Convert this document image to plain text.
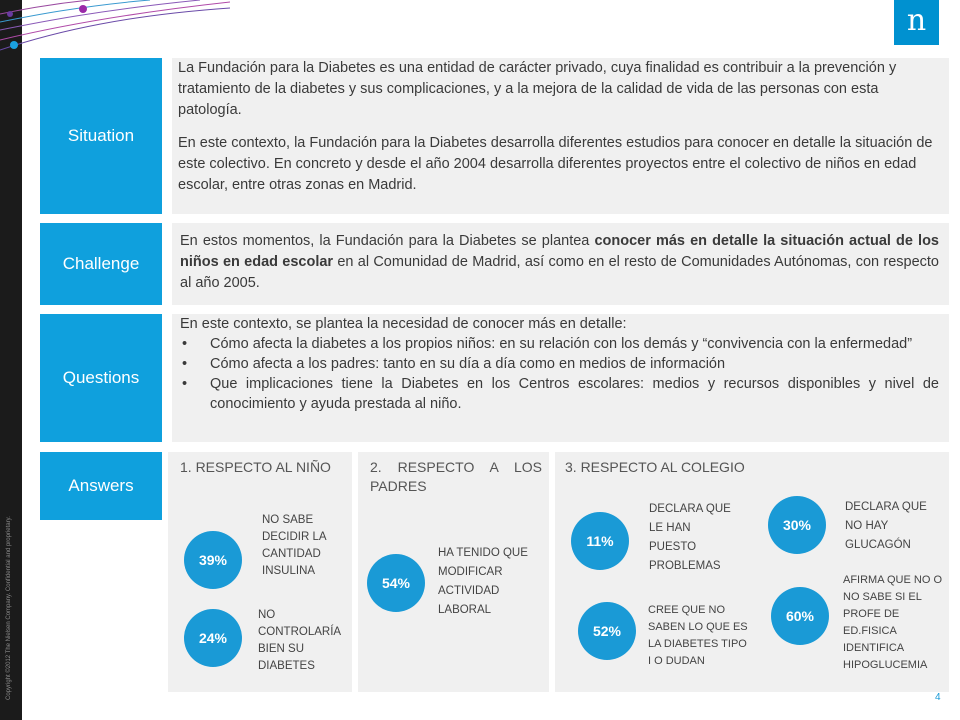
Copyright ©2012 The Nielsen Company. Confidential and proprietary.
n
Situation

La Fundación para la Diabetes es una entidad de carácter privado, cuya finalidad es contribuir a la prevención y tratamiento de la diabetes y sus complicaciones, y a la mejora de la calidad de vida de las personas con esta patología.

En este contexto, la Fundación para la Diabetes desarrolla diferentes estudios para conocer en detalle la situación de este colectivo. En concreto y desde el año 2004 desarrolla diferentes proyectos entre el colectivo de niños en edad escolar, entre otras zonas en Madrid.

Challenge

En estos momentos, la Fundación para la Diabetes se plantea conocer más en detalle la situación actual de los niños en edad escolar en al Comunidad de Madrid, así como en el resto de Comunidades Autónomas, con respecto al año 2005.

Questions

En este contexto, se plantea la necesidad de conocer más en detalle:

• Cómo afecta la diabetes a los propios niños: en su relación con los demás y “convivencia con la enfermedad”
• Cómo afecta a los padres: tanto en su día a día como en medios de información
• Que implicaciones tiene la Diabetes en los Centros escolares: medios y recursos disponibles y nivel de conocimiento y ayuda prestada al niño.
Answers
1. RESPECTO AL NIÑO
39%
NO SABE DECIDIR LA CANTIDAD INSULINA
24%
NO CONTROLARÍA BIEN SU DIABETES
2. RESPECTO A LOS PADRES
54%
HA TENIDO QUE MODIFICAR ACTIVIDAD LABORAL
3. RESPECTO AL COLEGIO
11%
DECLARA QUE LE HAN PUESTO PROBLEMAS
30%
DECLARA QUE NO HAY GLUCAGÓN
52%
CREE QUE NO SABEN LO QUE ES LA DIABETES TIPO I O DUDAN
60%
AFIRMA QUE NO O NO SABE SI EL PROFE DE ED.FISICA IDENTIFICA HIPOGLUCEMIA
4
